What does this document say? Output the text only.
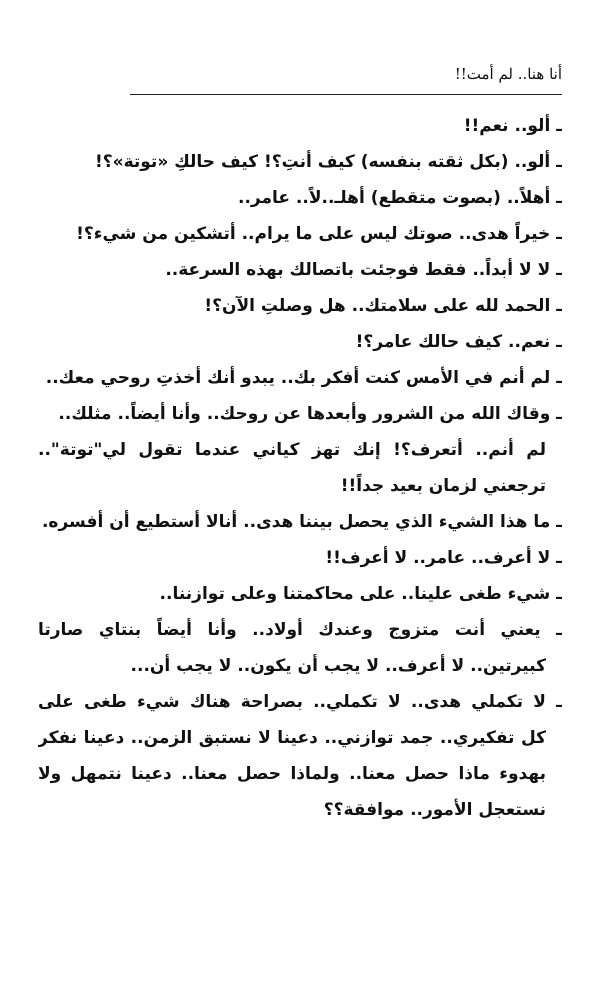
أنا هنا.. لم أمت!!
ـ ألو.. نعم!!
ـ ألو.. (بكل ثقته بنفسه) كيف أنتِ؟! كيف حالكِ «توتة»؟!
ـ أهلاً.. (بصوت متقطع) أهلـ..لاً.. عامر..
ـ خيراً هدى.. صوتك ليس على ما يرام.. أتشكين من شيء؟!
ـ لا لا أبداً.. فقط فوجئت باتصالك بهذه السرعة..
ـ الحمد لله على سلامتك.. هل وصلتِ الآن؟!
ـ نعم.. كيف حالك عامر؟!
ـ لم أنم في الأمس كنت أفكر بك.. يبدو أنك أخذتِ روحي معك..
ـ وقاك الله من الشرور وأبعدها عن روحك.. وأنا أيضاً.. مثلك..
لم أنم.. أتعرف؟! إنك تهز كياني عندما تقول لي"توتة"..
ترجعني لزمان بعيد جداً!!
ـ ما هذا الشيء الذي يحصل بيننا هدى.. أنالا أستطيع أن أفسره.
ـ لا أعرف.. عامر.. لا أعرف!!
ـ شيء طغى علينا.. على محاكمتنا وعلى توازننا..
ـ يعني أنت متزوج وعندك أولاد.. وأنا أيضاً بنتاي صارتا
كبيرتين.. لا أعرف.. لا يجب أن يكون.. لا يجب أن...
ـ لا تكملي هدى.. لا تكملي.. بصراحة هناك شيء طغى على
كل تفكيري.. جمد توازني.. دعينا لا نستبق الزمن.. دعينا نفكر
بهدوء ماذا حصل معنا.. ولماذا حصل معنا.. دعينا نتمهل ولا
نستعجل الأمور.. موافقة؟؟
